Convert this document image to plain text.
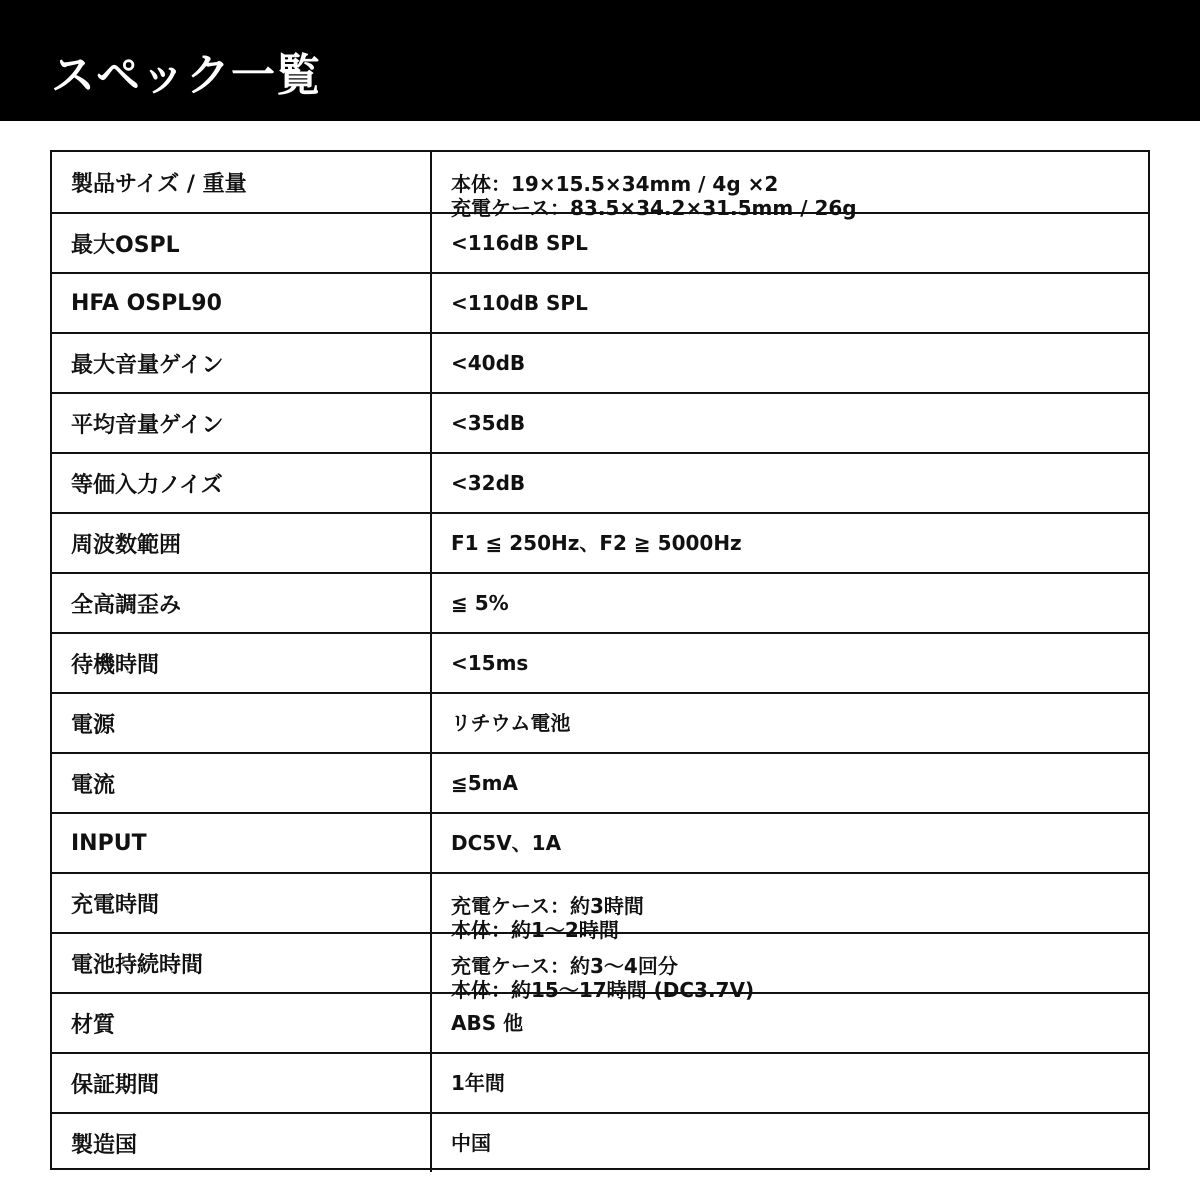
スペック一覧
製品サイズ / 重量	本体：19×15.5×34mm / 4g ×2
充電ケース：83.5×34.2×31.5mm / 26g
最大OSPL	<116dB SPL
HFA OSPL90	<110dB SPL
最大音量ゲイン	<40dB
平均音量ゲイン	<35dB
等価入力ノイズ	<32dB
周波数範囲	F1 ≦ 250Hz、F2 ≧ 5000Hz
全高調歪み	≦ 5%
待機時間	<15ms
電源	リチウム電池
電流	≦5mA
INPUT	DC5V、1A
充電時間	充電ケース：約3時間
本体：約1〜2時間
電池持続時間	充電ケース：約3〜4回分
本体：約15〜17時間 (DC3.7V)
材質	ABS 他
保証期間	1年間
製造国	中国
